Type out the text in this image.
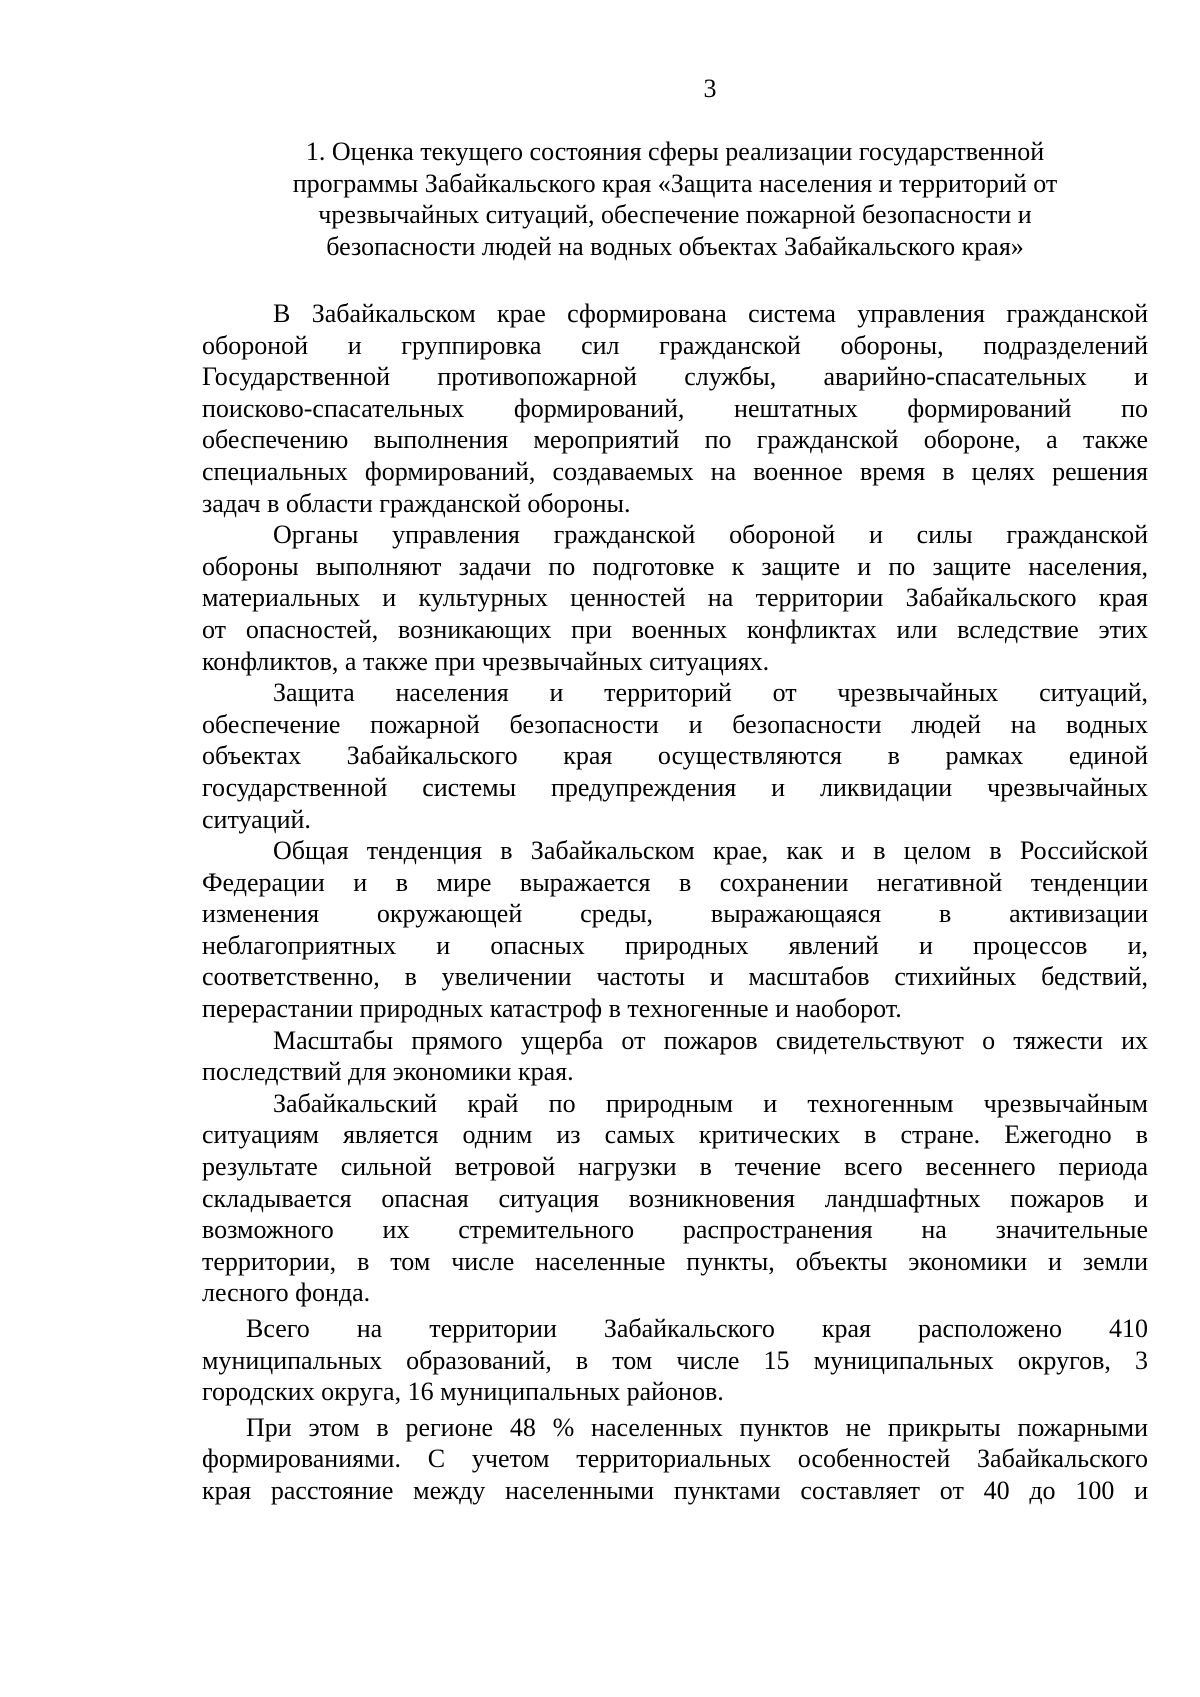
3
1. Оценка текущего состояния сферы реализации государственной
программы Забайкальского края «Защита населения и территорий от
чрезвычайных ситуаций, обеспечение пожарной безопасности и
безопасности людей на водных объектах Забайкальского края»
В Забайкальском крае сформирована система управления гражданской
обороной и группировка сил гражданской обороны, подразделений
Государственной противопожарной службы, аварийно-спасательных и
поисково-спасательных формирований, нештатных формирований по
обеспечению выполнения мероприятий по гражданской обороне, а также
специальных формирований, создаваемых на военное время в целях решения
задач в области гражданской обороны.
Органы управления гражданской обороной и силы гражданской
обороны выполняют задачи по подготовке к защите и по защите населения,
материальных и культурных ценностей на территории Забайкальского края
от опасностей, возникающих при военных конфликтах или вследствие этих
конфликтов, а также при чрезвычайных ситуациях.
Защита населения и территорий от чрезвычайных ситуаций,
обеспечение пожарной безопасности и безопасности людей на водных
объектах Забайкальского края осуществляются в рамках единой
государственной системы предупреждения и ликвидации чрезвычайных
ситуаций.
Общая тенденция в Забайкальском крае, как и в целом в Российской
Федерации и в мире выражается в сохранении негативной тенденции
изменения окружающей среды, выражающаяся в активизации
неблагоприятных и опасных природных явлений и процессов и,
соответственно, в увеличении частоты и масштабов стихийных бедствий,
перерастании природных катастроф в техногенные и наоборот.
Масштабы прямого ущерба от пожаров свидетельствуют о тяжести их
последствий для экономики края.
Забайкальский край по природным и техногенным чрезвычайным
ситуациям является одним из самых критических в стране. Ежегодно в
результате сильной ветровой нагрузки в течение всего весеннего периода
складывается опасная ситуация возникновения ландшафтных пожаров и
возможного их стремительного распространения на значительные
территории, в том числе населенные пункты, объекты экономики и земли
лесного фонда.
Всего на территории Забайкальского края расположено 410
муниципальных образований, в том числе 15 муниципальных округов, 3
городских округа, 16 муниципальных районов.
При этом в регионе 48 % населенных пунктов не прикрыты пожарными
формированиями. С учетом территориальных особенностей Забайкальского
края расстояние между населенными пунктами составляет от 40 до 100 и
